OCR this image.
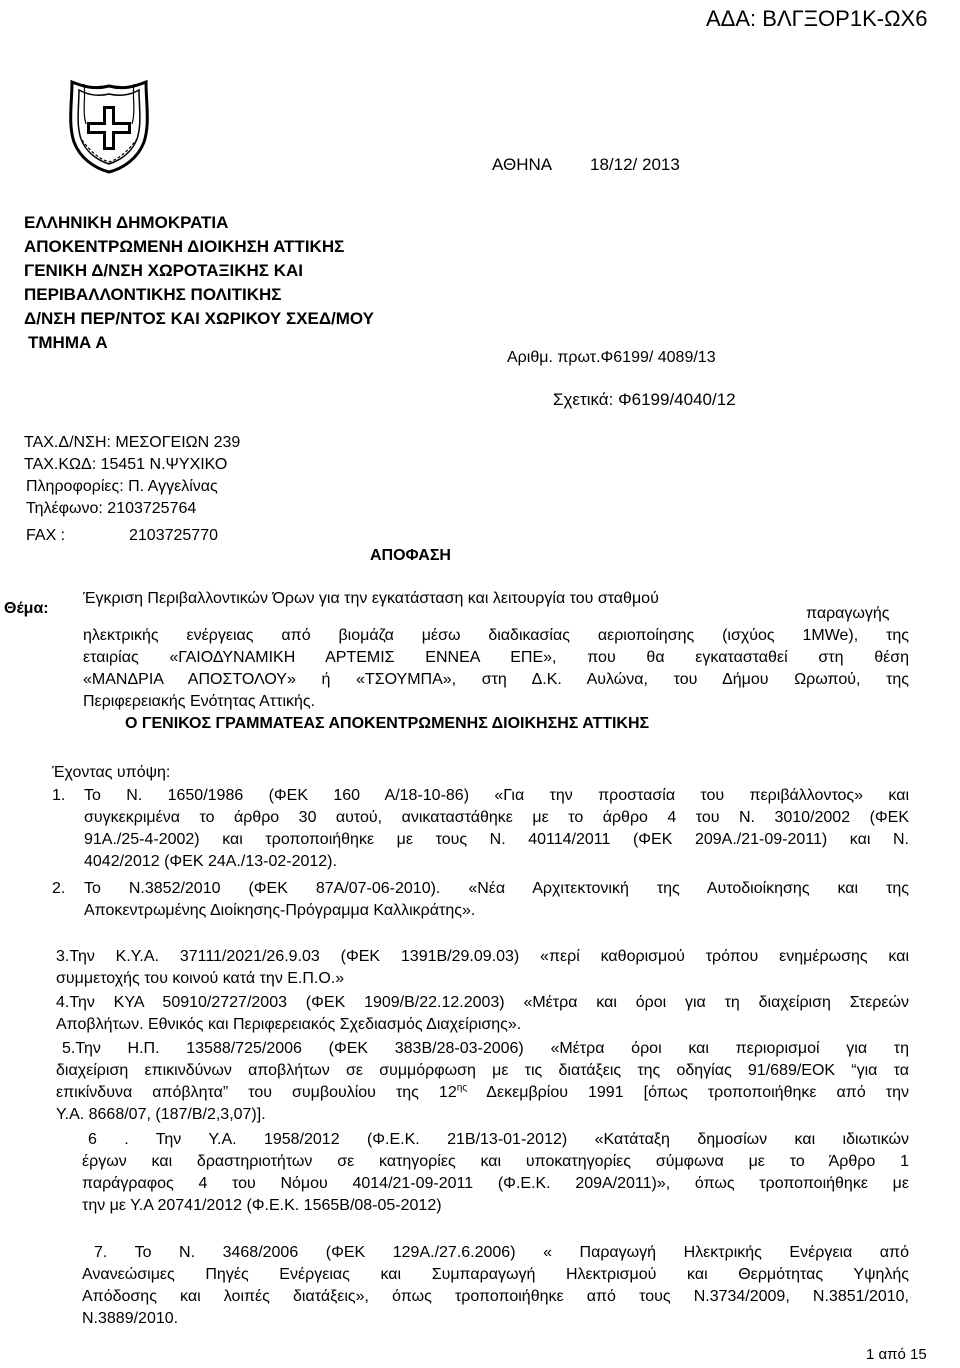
ΑΔΑ: ΒΛΓΞΟΡ1Κ-ΩΧ6
ΑΘΗΝΑ 18/12/ 2013
ΕΛΛΗΝΙΚΗ ΔΗΜΟΚΡΑΤΙΑ
ΑΠΟΚΕΝΤΡΩΜΕΝΗ ΔΙΟΙΚΗΣΗ ΑΤΤΙΚΗΣ
ΓΕΝΙΚΗ Δ/ΝΣΗ ΧΩΡΟΤΑΞΙΚΗΣ ΚΑΙ
ΠΕΡΙΒΑΛΛΟΝΤΙΚΗΣ ΠΟΛΙΤΙΚΗΣ
Δ/ΝΣΗ ΠΕΡ/ΝΤΟΣ ΚΑΙ ΧΩΡΙΚΟΥ ΣΧΕΔ/ΜΟΥ
ΤΜΗΜΑ Α
Αριθμ. πρωτ.Φ6199/ 4089/13
Σχετικά: Φ6199/4040/12
ΤΑΧ.Δ/ΝΣΗ: ΜΕΣΟΓΕΙΩΝ 239
ΤΑΧ.ΚΩΔ: 15451 Ν.ΨΥΧΙΚΟ
Πληροφορίες: Π. Αγγελίνας
Τηλέφωνο: 2103725764
FAX :	2103725770
ΑΠΟΦΑΣΗ
Θέμα:
Έγκριση Περιβαλλοντικών Όρων για την εγκατάσταση και λειτουργία του σταθμού
παραγωγής
ηλεκτρικής ενέργειας από βιομάζα μέσω διαδικασίας αεριοποίησης (ισχύος 1MWe), της
εταιρίας «ΓΑΙΟΔΥΝΑΜΙΚΗ ΑΡΤΕΜΙΣ ΕΝΝΕΑ ΕΠΕ», που θα εγκατασταθεί στη θέση
«ΜΑΝΔΡΙΑ ΑΠΟΣΤΟΛΟΥ» ή «ΤΣΟΥΜΠΑ», στη Δ.Κ. Αυλώνα, του Δήμου Ωρωπού, της
Περιφερειακής Ενότητας Αττικής.
Ο ΓΕΝΙΚΟΣ ΓΡΑΜΜΑΤΕΑΣ ΑΠΟΚΕΝΤΡΩΜΕΝΗΣ ΔΙΟΙΚΗΣΗΣ ΑΤΤΙΚΗΣ
Έχοντας υπόψη:
1. Το Ν. 1650/1986 (ΦΕΚ 160 Α/18-10-86) «Για την προστασία του περιβάλλοντος» και
συγκεκριμένα το άρθρο 30 αυτού, ανικαταστάθηκε με το άρθρο 4 του Ν. 3010/2002 (ΦΕΚ
91Α./25-4-2002) και τροποποιήθηκε με τους Ν. 40114/2011 (ΦΕΚ 209Α./21-09-2011) και Ν.
4042/2012 (ΦΕΚ 24Α./13-02-2012).
2. Το Ν.3852/2010 (ΦΕΚ 87Α/07-06-2010). «Νέα Αρχιτεκτονική της Αυτοδιοίκησης και της
Αποκεντρωμένης Διοίκησης-Πρόγραμμα Καλλικράτης».
3.Την Κ.Υ.Α. 37111/2021/26.9.03 (ΦΕΚ 1391Β/29.09.03) «περί καθορισμού τρόπου ενημέρωσης και
συμμετοχής του κοινού κατά την Ε.Π.Ο.»
4.Την ΚΥΑ 50910/2727/2003 (ΦΕΚ 1909/Β/22.12.2003) «Μέτρα και όροι για τη διαχείριση Στερεών
Αποβλήτων. Εθνικός και Περιφερειακός Σχεδιασμός Διαχείρισης».
5.Την Η.Π. 13588/725/2006 (ΦΕΚ 383Β/28-03-2006) «Μέτρα όροι και περιορισμοί για τη
διαχείριση επικινδύνων αποβλήτων σε συμμόρφωση με τις διατάξεις της οδηγίας 91/689/ΕΟΚ “για τα
επικίνδυνα απόβλητα” του συμβουλίου της $12^{\eta\varsigma}$ Δεκεμβρίου 1991 [όπως τροποποιήθηκε από την
Υ.Α. 8668/07, (187/Β/2,3,07)].
6 . Την Υ.Α. 1958/2012 (Φ.Ε.Κ. 21Β/13-01-2012) «Κατάταξη δημοσίων και ιδιωτικών
έργων και δραστηριοτήτων σε κατηγορίες και υποκατηγορίες σύμφωνα με το Άρθρο 1
παράγραφος 4 του Νόμου 4014/21-09-2011 (Φ.Ε.Κ. 209Α/2011)», όπως τροποποιήθηκε με
την με Υ.Α 20741/2012 (Φ.Ε.Κ. 1565Β/08-05-2012)
7. Το Ν. 3468/2006 (ΦΕΚ 129Α./27.6.2006) « Παραγωγή Ηλεκτρικής Ενέργεια από
Ανανεώσιμες Πηγές Ενέργειας και Συμπαραγωγή Ηλεκτρισμού και Θερμότητας Υψηλής
Απόδοσης και λοιπές διατάξεις», όπως τροποποιήθηκε από τους Ν.3734/2009, Ν.3851/2010,
Ν.3889/2010.
1 από 15
